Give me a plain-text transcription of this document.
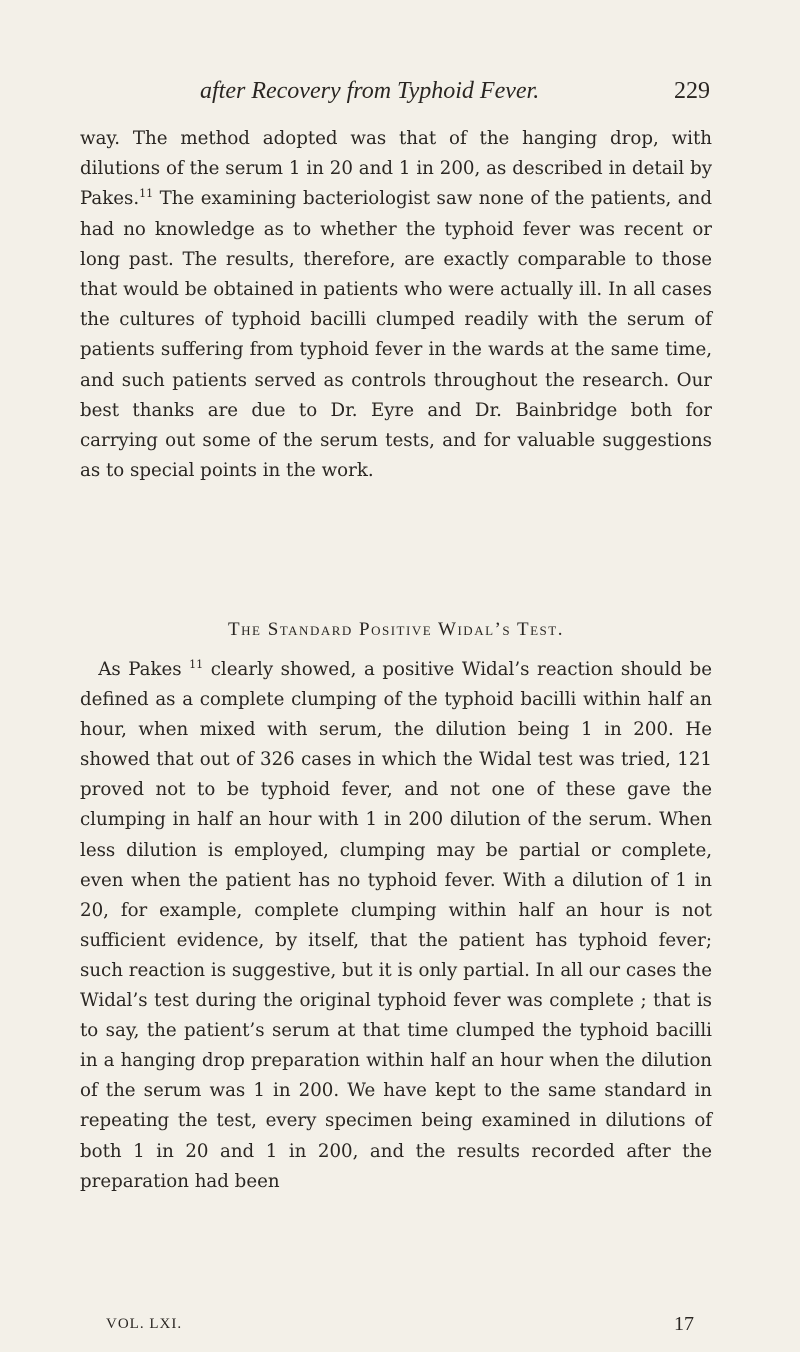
after Recovery from Typhoid Fever.	229

way. The method adopted was that of the hanging drop, with dilutions of the serum 1 in 20 and 1 in 200, as described in detail by Pakes.$^{11}$ The examining bacteriologist saw none of the patients, and had no knowledge as to whether the typhoid fever was recent or long past. The results, therefore, are exactly comparable to those that would be obtained in patients who were actually ill. In all cases the cultures of typhoid bacilli clumped readily with the serum of patients suffering from typhoid fever in the wards at the same time, and such patients served as controls throughout the research. Our best thanks are due to Dr. Eyre and Dr. Bainbridge both for carrying out some of the serum tests, and for valuable suggestions as to special points in the work.

The Standard Positive Widal’s Test.

 As Pakes $^{11}$ clearly showed, a positive Widal’s reaction should be defined as a complete clumping of the typhoid bacilli within half an hour, when mixed with serum, the dilution being 1 in 200. He showed that out of 326 cases in which the Widal test was tried, 121 proved not to be typhoid fever, and not one of these gave the clumping in half an hour with 1 in 200 dilution of the serum. When less dilution is employed, clumping may be partial or complete, even when the patient has no typhoid fever. With a dilution of 1 in 20, for example, complete clumping within half an hour is not sufficient evidence, by itself, that the patient has typhoid fever; such reaction is suggestive, but it is only partial. In all our cases the Widal’s test during the original typhoid fever was complete ; that is to say, the patient’s serum at that time clumped the typhoid bacilli in a hanging drop preparation within half an hour when the dilution of the serum was 1 in 200. We have kept to the same standard in repeating the test, every specimen being examined in dilutions of both 1 in 20 and 1 in 200, and the results recorded after the preparation had been

VOL. LXI.	17
